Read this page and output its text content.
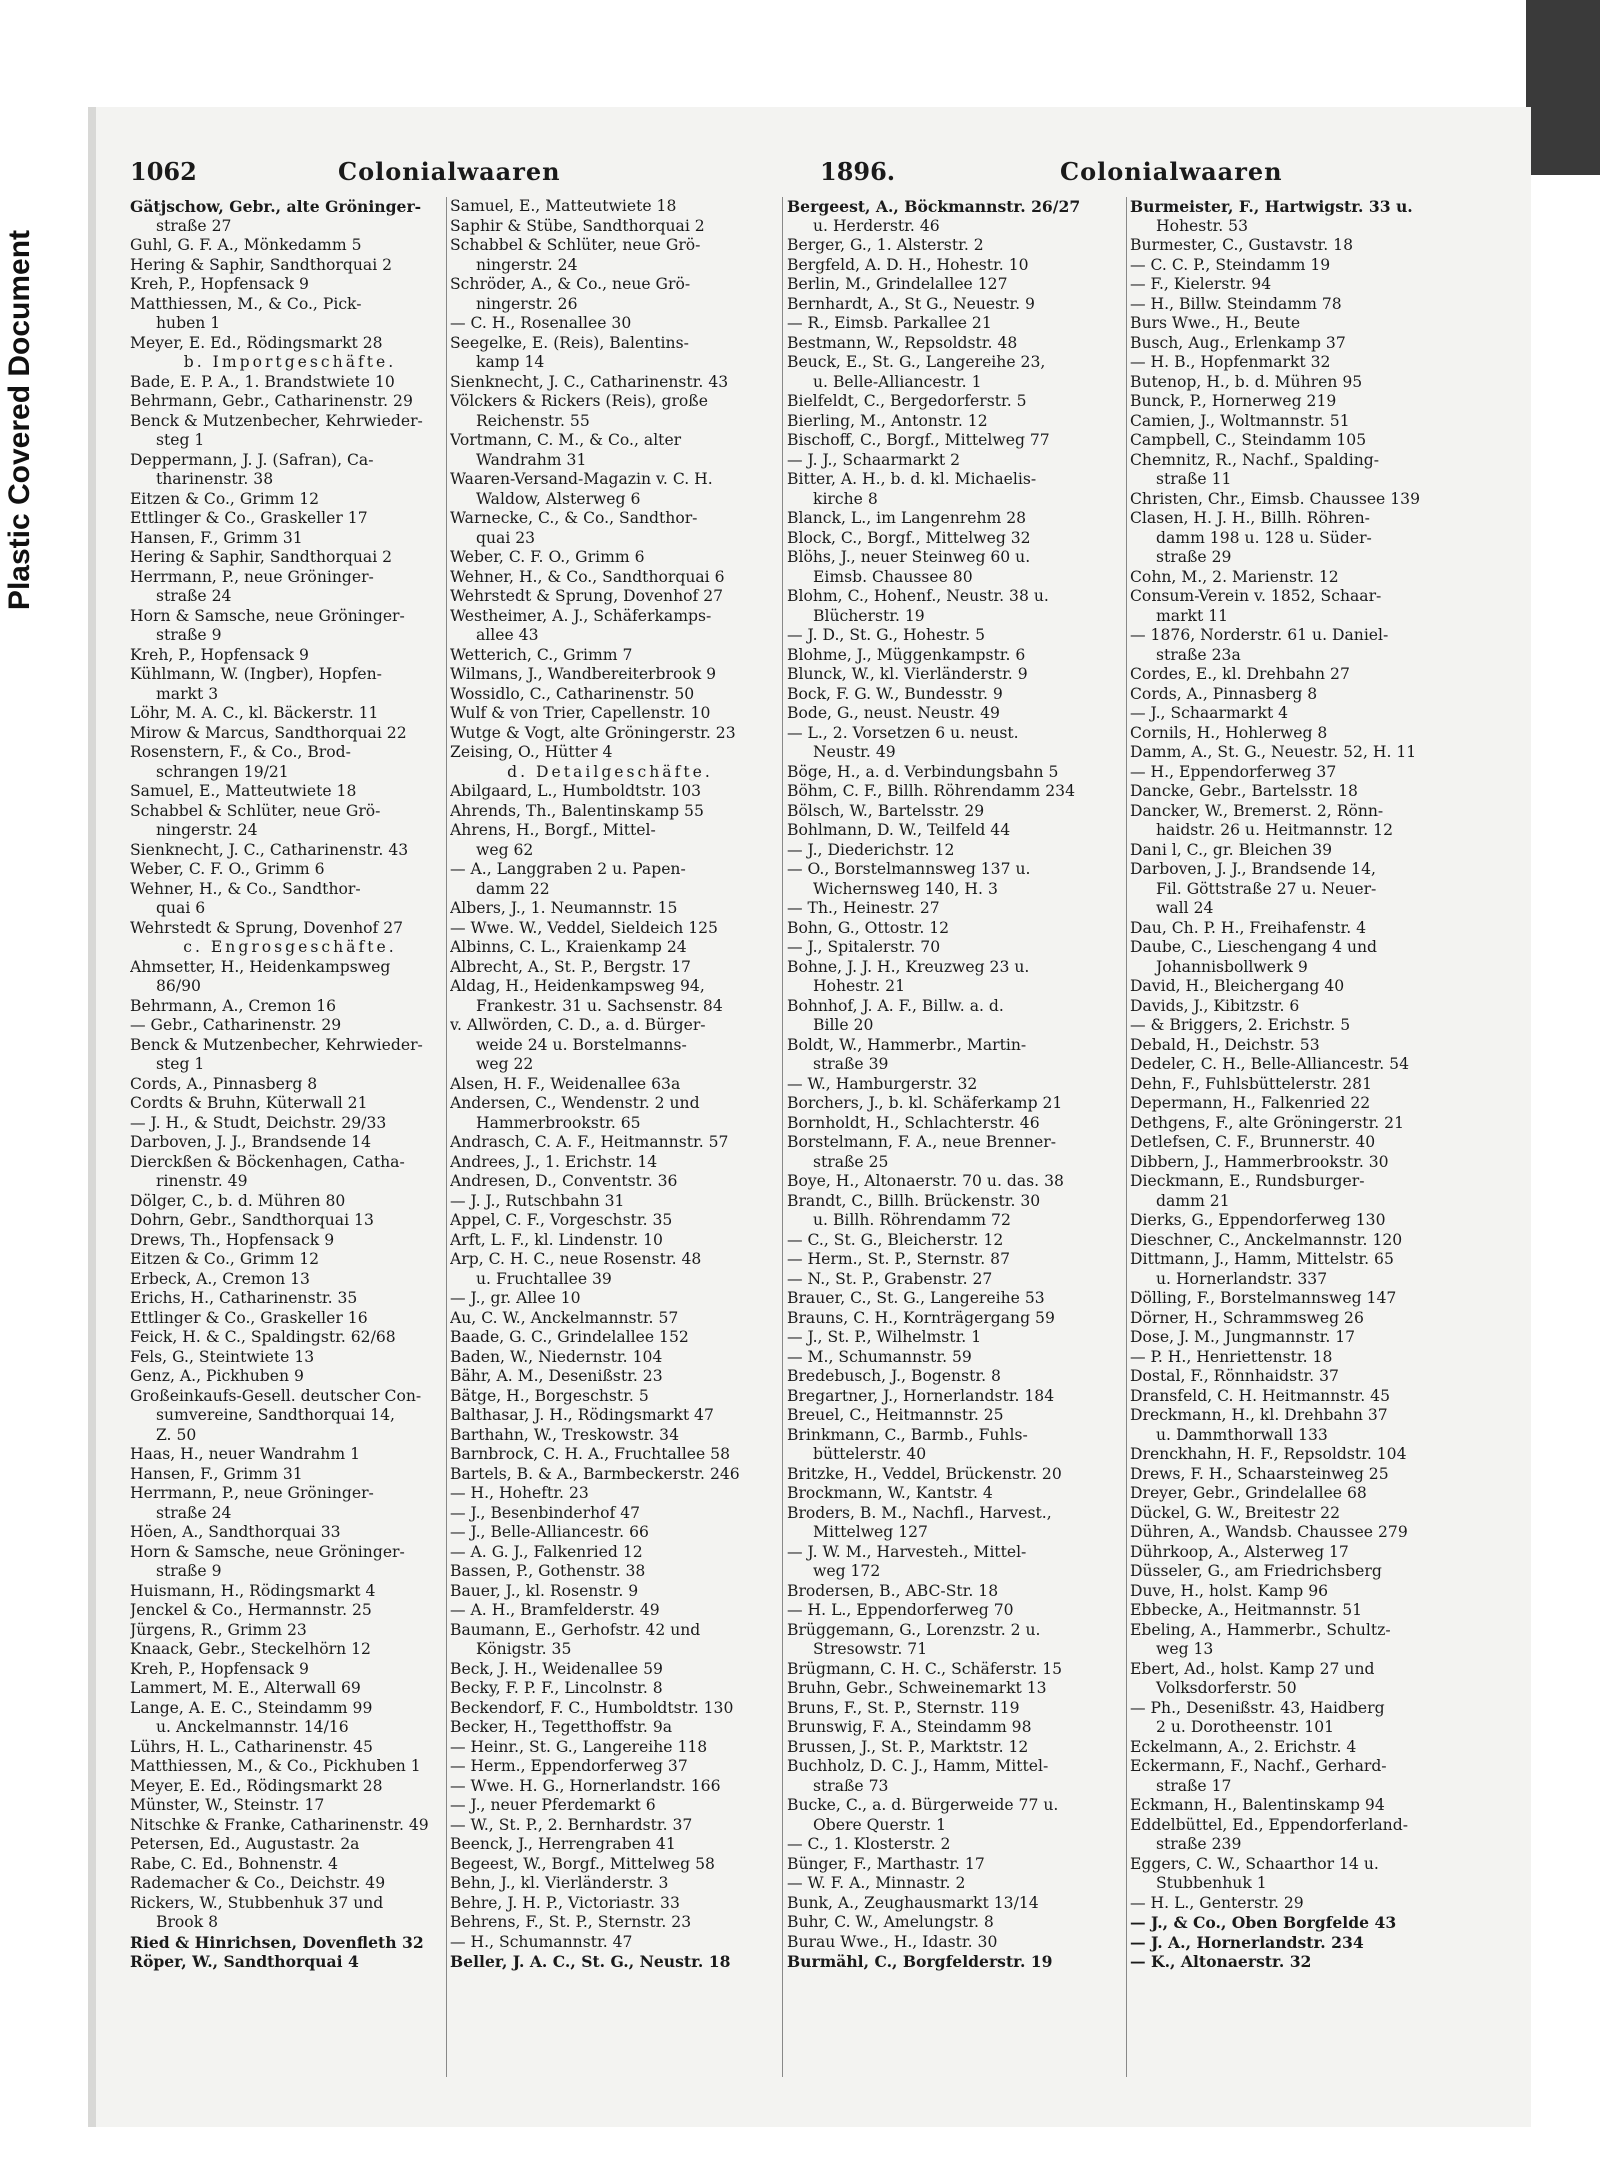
Plastic Covered Document
1062	Colonialwaaren	1896.	Colonialwaaren
Gätjschow, Gebr., alte Gröninger-
straße 27
Guhl, G. F. A., Mönkedamm 5
Hering & Saphir, Sandthorquai 2
Kreh, P., Hopfensack 9
Matthiessen, M., & Co., Pick-
huben 1
Meyer, E. Ed., Rödingsmarkt 28
b. Importgeschäfte.
Bade, E. P. A., 1. Brandstwiete 10
Behrmann, Gebr., Catharinenstr. 29
Benck & Mutzenbecher, Kehrwieder-
steg 1
Deppermann, J. J. (Safran), Ca-
tharinenstr. 38
Eitzen & Co., Grimm 12
Ettlinger & Co., Graskeller 17
Hansen, F., Grimm 31
Hering & Saphir, Sandthorquai 2
Herrmann, P., neue Gröninger-
straße 24
Horn & Samsche, neue Gröninger-
straße 9
Kreh, P., Hopfensack 9
Kühlmann, W. (Ingber), Hopfen-
markt 3
Löhr, M. A. C., kl. Bäckerstr. 11
Mirow & Marcus, Sandthorquai 22
Rosenstern, F., & Co., Brod-
schrangen 19/21
Samuel, E., Matteutwiete 18
Schabbel & Schlüter, neue Grö-
ningerstr. 24
Sienknecht, J. C., Catharinenstr. 43
Weber, C. F. O., Grimm 6
Wehner, H., & Co., Sandthor-
quai 6
Wehrstedt & Sprung, Dovenhof 27
c. Engrosgeschäfte.
Ahmsetter, H., Heidenkampsweg
86/90
Behrmann, A., Cremon 16
— Gebr., Catharinenstr. 29
Benck & Mutzenbecher, Kehrwieder-
steg 1
Cords, A., Pinnasberg 8
Cordts & Bruhn, Küterwall 21
— J. H., & Studt, Deichstr. 29/33
Darboven, J. J., Brandsende 14
Dierckßen & Böckenhagen, Catha-
rinenstr. 49
Dölger, C., b. d. Mühren 80
Dohrn, Gebr., Sandthorquai 13
Drews, Th., Hopfensack 9
Eitzen & Co., Grimm 12
Erbeck, A., Cremon 13
Erichs, H., Catharinenstr. 35
Ettlinger & Co., Graskeller 16
Feick, H. & C., Spaldingstr. 62/68
Fels, G., Steintwiete 13
Genz, A., Pickhuben 9
Großeinkaufs-Gesell. deutscher Con-
sumvereine, Sandthorquai 14,
Z. 50
Haas, H., neuer Wandrahm 1
Hansen, F., Grimm 31
Herrmann, P., neue Gröninger-
straße 24
Höen, A., Sandthorquai 33
Horn & Samsche, neue Gröninger-
straße 9
Huismann, H., Rödingsmarkt 4
Jenckel & Co., Hermannstr. 25
Jürgens, R., Grimm 23
Knaack, Gebr., Steckelhörn 12
Kreh, P., Hopfensack 9
Lammert, M. E., Alterwall 69
Lange, A. E. C., Steindamm 99
u. Anckelmannstr. 14/16
Lührs, H. L., Catharinenstr. 45
Matthiessen, M., & Co., Pickhuben 1
Meyer, E. Ed., Rödingsmarkt 28
Münster, W., Steinstr. 17
Nitschke & Franke, Catharinenstr. 49
Petersen, Ed., Augustastr. 2a
Rabe, C. Ed., Bohnenstr. 4
Rademacher & Co., Deichstr. 49
Rickers, W., Stubbenhuk 37 und
Brook 8
Ried & Hinrichsen, Dovenfleth 32
Röper, W., Sandthorquai 4
Samuel, E., Matteutwiete 18
Saphir & Stübe, Sandthorquai 2
Schabbel & Schlüter, neue Grö-
ningerstr. 24
Schröder, A., & Co., neue Grö-
ningerstr. 26
— C. H., Rosenallee 30
Seegelke, E. (Reis), Balentins-
kamp 14
Sienknecht, J. C., Catharinenstr. 43
Völckers & Rickers (Reis), große
Reichenstr. 55
Vortmann, C. M., & Co., alter
Wandrahm 31
Waaren-Versand-Magazin v. C. H.
Waldow, Alsterweg 6
Warnecke, C., & Co., Sandthor-
quai 23
Weber, C. F. O., Grimm 6
Wehner, H., & Co., Sandthorquai 6
Wehrstedt & Sprung, Dovenhof 27
Westheimer, A. J., Schäferkamps-
allee 43
Wetterich, C., Grimm 7
Wilmans, J., Wandbereiterbrook 9
Wossidlo, C., Catharinenstr. 50
Wulf & von Trier, Capellenstr. 10
Wutge & Vogt, alte Gröningerstr. 23
Zeising, O., Hütter 4
d. Detailgeschäfte.
Abilgaard, L., Humboldtstr. 103
Ahrends, Th., Balentinskamp 55
Ahrens, H., Borgf., Mittel-
weg 62
— A., Langgraben 2 u. Papen-
damm 22
Albers, J., 1. Neumannstr. 15
— Wwe. W., Veddel, Sieldeich 125
Albinns, C. L., Kraienkamp 24
Albrecht, A., St. P., Bergstr. 17
Aldag, H., Heidenkampsweg 94,
Frankestr. 31 u. Sachsenstr. 84
v. Allwörden, C. D., a. d. Bürger-
weide 24 u. Borstelmanns-
weg 22
Alsen, H. F., Weidenallee 63a
Andersen, C., Wendenstr. 2 und
Hammerbrookstr. 65
Andrasch, C. A. F., Heitmannstr. 57
Andrees, J., 1. Erichstr. 14
Andresen, D., Conventstr. 36
— J. J., Rutschbahn 31
Appel, C. F., Vorgeschstr. 35
Arft, L. F., kl. Lindenstr. 10
Arp, C. H. C., neue Rosenstr. 48
u. Fruchtallee 39
— J., gr. Allee 10
Au, C. W., Anckelmannstr. 57
Baade, G. C., Grindelallee 152
Baden, W., Niedernstr. 104
Bähr, A. M., Desenißstr. 23
Bätge, H., Borgeschstr. 5
Balthasar, J. H., Rödingsmarkt 47
Barthahn, W., Treskowstr. 34
Barnbrock, C. H. A., Fruchtallee 58
Bartels, B. & A., Barmbeckerstr. 246
— H., Hoheftr. 23
— J., Besenbinderhof 47
— J., Belle-Alliancestr. 66
— A. G. J., Falkenried 12
Bassen, P., Gothenstr. 38
Bauer, J., kl. Rosenstr. 9
— A. H., Bramfelderstr. 49
Baumann, E., Gerhofstr. 42 und
Königstr. 35
Beck, J. H., Weidenallee 59
Becky, F. P. F., Lincolnstr. 8
Beckendorf, F. C., Humboldtstr. 130
Becker, H., Tegetthoffstr. 9a
— Heinr., St. G., Langereihe 118
— Herm., Eppendorferweg 37
— Wwe. H. G., Hornerlandstr. 166
— J., neuer Pferdemarkt 6
— W., St. P., 2. Bernhardstr. 37
Beenck, J., Herrengraben 41
Begeest, W., Borgf., Mittelweg 58
Behn, J., kl. Vierländerstr. 3
Behre, J. H. P., Victoriastr. 33
Behrens, F., St. P., Sternstr. 23
— H., Schumannstr. 47
Beller, J. A. C., St. G., Neustr. 18
Bergeest, A., Böckmannstr. 26/27
u. Herderstr. 46
Berger, G., 1. Alsterstr. 2
Bergfeld, A. D. H., Hohestr. 10
Berlin, M., Grindelallee 127
Bernhardt, A., St G., Neuestr. 9
— R., Eimsb. Parkallee 21
Bestmann, W., Repsoldstr. 48
Beuck, E., St. G., Langereihe 23,
u. Belle-Alliancestr. 1
Bielfeldt, C., Bergedorferstr. 5
Bierling, M., Antonstr. 12
Bischoff, C., Borgf., Mittelweg 77
— J. J., Schaarmarkt 2
Bitter, A. H., b. d. kl. Michaelis-
kirche 8
Blanck, L., im Langenrehm 28
Block, C., Borgf., Mittelweg 32
Blöhs, J., neuer Steinweg 60 u.
Eimsb. Chaussee 80
Blohm, C., Hohenf., Neustr. 38 u.
Blücherstr. 19
— J. D., St. G., Hohestr. 5
Blohme, J., Müggenkampstr. 6
Blunck, W., kl. Vierländerstr. 9
Bock, F. G. W., Bundesstr. 9
Bode, G., neust. Neustr. 49
— L., 2. Vorsetzen 6 u. neust.
Neustr. 49
Böge, H., a. d. Verbindungsbahn 5
Böhm, C. F., Billh. Röhrendamm 234
Bölsch, W., Bartelsstr. 29
Bohlmann, D. W., Teilfeld 44
— J., Diederichstr. 12
— O., Borstelmannsweg 137 u.
Wichernsweg 140, H. 3
— Th., Heinestr. 27
Bohn, G., Ottostr. 12
— J., Spitalerstr. 70
Bohne, J. J. H., Kreuzweg 23 u.
Hohestr. 21
Bohnhof, J. A. F., Billw. a. d.
Bille 20
Boldt, W., Hammerbr., Martin-
straße 39
— W., Hamburgerstr. 32
Borchers, J., b. kl. Schäferkamp 21
Bornholdt, H., Schlachterstr. 46
Borstelmann, F. A., neue Brenner-
straße 25
Boye, H., Altonaerstr. 70 u. das. 38
Brandt, C., Billh. Brückenstr. 30
u. Billh. Röhrendamm 72
— C., St. G., Bleicherstr. 12
— Herm., St. P., Sternstr. 87
— N., St. P., Grabenstr. 27
Brauer, C., St. G., Langereihe 53
Brauns, C. H., Kornträgergang 59
— J., St. P., Wilhelmstr. 1
— M., Schumannstr. 59
Bredebusch, J., Bogenstr. 8
Bregartner, J., Hornerlandstr. 184
Breuel, C., Heitmannstr. 25
Brinkmann, C., Barmb., Fuhls-
büttelerstr. 40
Britzke, H., Veddel, Brückenstr. 20
Brockmann, W., Kantstr. 4
Broders, B. M., Nachfl., Harvest.,
Mittelweg 127
— J. W. M., Harvesteh., Mittel-
weg 172
Brodersen, B., ABC-Str. 18
— H. L., Eppendorferweg 70
Brüggemann, G., Lorenzstr. 2 u.
Stresowstr. 71
Brügmann, C. H. C., Schäferstr. 15
Bruhn, Gebr., Schweinemarkt 13
Bruns, F., St. P., Sternstr. 119
Brunswig, F. A., Steindamm 98
Brussen, J., St. P., Marktstr. 12
Buchholz, D. C. J., Hamm, Mittel-
straße 73
Bucke, C., a. d. Bürgerweide 77 u.
Obere Querstr. 1
— C., 1. Klosterstr. 2
Bünger, F., Marthastr. 17
— W. F. A., Minnastr. 2
Bunk, A., Zeughausmarkt 13/14
Buhr, C. W., Amelungstr. 8
Burau Wwe., H., Idastr. 30
Burmähl, C., Borgfelderstr. 19
Burmeister, F., Hartwigstr. 33 u.
Hohestr. 53
Burmester, C., Gustavstr. 18
— C. C. P., Steindamm 19
— F., Kielerstr. 94
— H., Billw. Steindamm 78
Burs Wwe., H., Beute
Busch, Aug., Erlenkamp 37
— H. B., Hopfenmarkt 32
Butenop, H., b. d. Mühren 95
Bunck, P., Hornerweg 219
Camien, J., Woltmannstr. 51
Campbell, C., Steindamm 105
Chemnitz, R., Nachf., Spalding-
straße 11
Christen, Chr., Eimsb. Chaussee 139
Clasen, H. J. H., Billh. Röhren-
damm 198 u. 128 u. Süder-
straße 29
Cohn, M., 2. Marienstr. 12
Consum-Verein v. 1852, Schaar-
markt 11
— 1876, Norderstr. 61 u. Daniel-
straße 23a
Cordes, E., kl. Drehbahn 27
Cords, A., Pinnasberg 8
— J., Schaarmarkt 4
Cornils, H., Hohlerweg 8
Damm, A., St. G., Neuestr. 52, H. 11
— H., Eppendorferweg 37
Dancke, Gebr., Bartelsstr. 18
Dancker, W., Bremerst. 2, Rönn-
haidstr. 26 u. Heitmannstr. 12
Dani l, C., gr. Bleichen 39
Darboven, J. J., Brandsende 14,
Fil. Göttstraße 27 u. Neuer-
wall 24
Dau, Ch. P. H., Freihafenstr. 4
Daube, C., Lieschengang 4 und
Johannisbollwerk 9
David, H., Bleichergang 40
Davids, J., Kibitzstr. 6
— & Briggers, 2. Erichstr. 5
Debald, H., Deichstr. 53
Dedeler, C. H., Belle-Alliancestr. 54
Dehn, F., Fuhlsbüttelerstr. 281
Depermann, H., Falkenried 22
Dethgens, F., alte Gröningerstr. 21
Detlefsen, C. F., Brunnerstr. 40
Dibbern, J., Hammerbrookstr. 30
Dieckmann, E., Rundsburger-
damm 21
Dierks, G., Eppendorferweg 130
Dieschner, C., Anckelmannstr. 120
Dittmann, J., Hamm, Mittelstr. 65
u. Hornerlandstr. 337
Dölling, F., Borstelmannsweg 147
Dörner, H., Schrammsweg 26
Dose, J. M., Jungmannstr. 17
— P. H., Henriettenstr. 18
Dostal, F., Rönnhaidstr. 37
Dransfeld, C. H. Heitmannstr. 45
Dreckmann, H., kl. Drehbahn 37
u. Dammthorwall 133
Drenckhahn, H. F., Repsoldstr. 104
Drews, F. H., Schaarsteinweg 25
Dreyer, Gebr., Grindelallee 68
Dückel, G. W., Breitestr 22
Dühren, A., Wandsb. Chaussee 279
Dührkoop, A., Alsterweg 17
Düsseler, G., am Friedrichsberg
Duve, H., holst. Kamp 96
Ebbecke, A., Heitmannstr. 51
Ebeling, A., Hammerbr., Schultz-
weg 13
Ebert, Ad., holst. Kamp 27 und
Volksdorferstr. 50
— Ph., Desenißstr. 43, Haidberg
2 u. Dorotheenstr. 101
Eckelmann, A., 2. Erichstr. 4
Eckermann, F., Nachf., Gerhard-
straße 17
Eckmann, H., Balentinskamp 94
Eddelbüttel, Ed., Eppendorferland-
straße 239
Eggers, C. W., Schaarthor 14 u.
Stubbenhuk 1
— H. L., Genterstr. 29
— J., & Co., Oben Borgfelde 43
— J. A., Hornerlandstr. 234
— K., Altonaerstr. 32
